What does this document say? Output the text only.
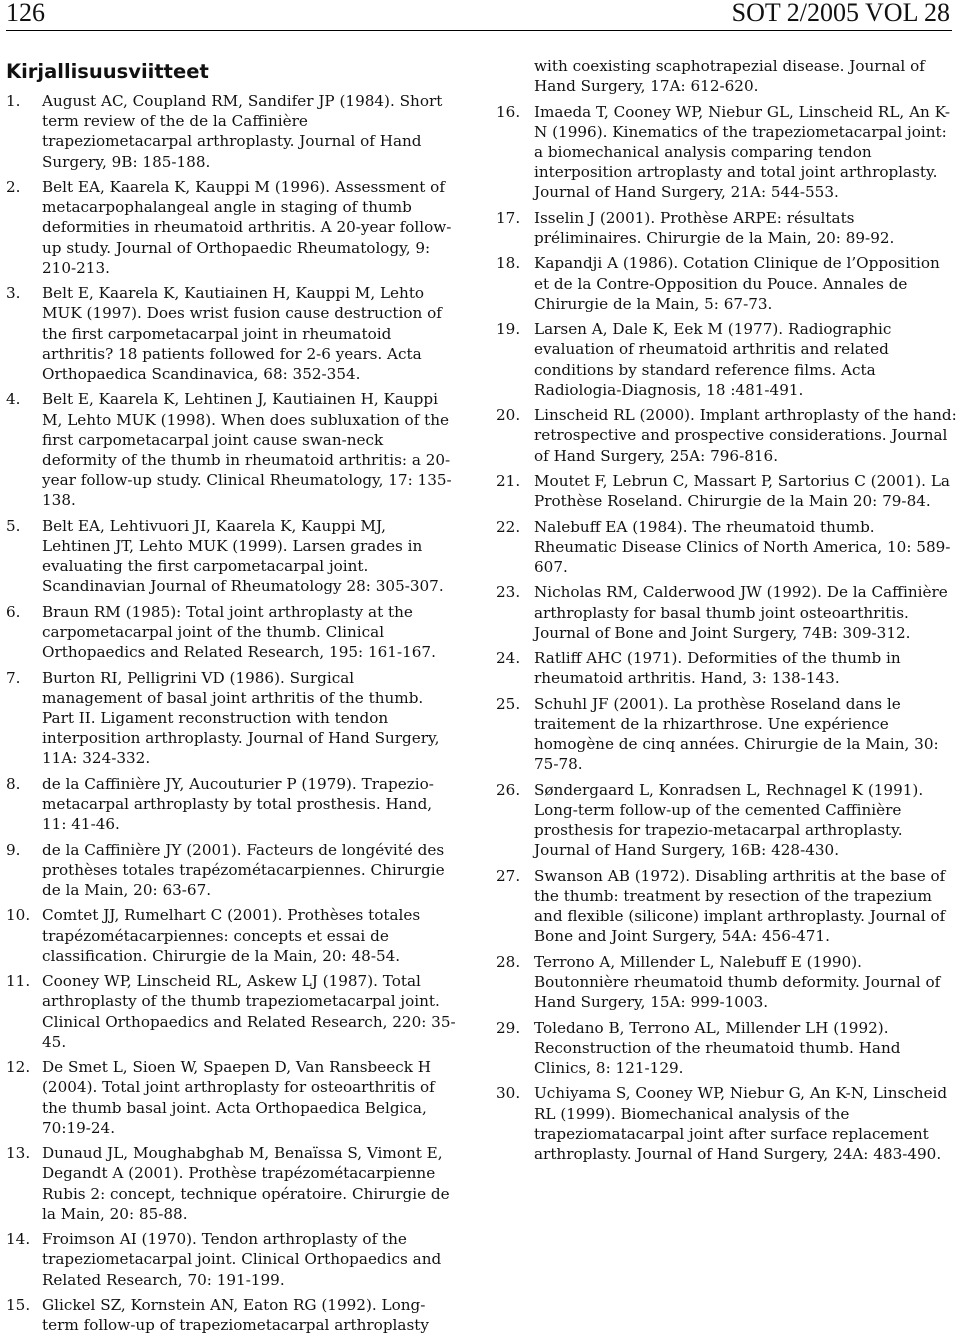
126	SOT 2/2005 VOL 28
Kirjallisuusviitteet
1. August AC, Coupland RM, Sandifer JP (1984). Short term review of the de la Caffinière trapeziometacarpal arthroplasty. Journal of Hand Surgery, 9B: 185-188.
2. Belt EA, Kaarela K, Kauppi M (1996). Assessment of metacarpophalangeal angle in staging of thumb deformities in rheumatoid arthritis. A 20-year follow-up study. Journal of Orthopaedic Rheumatology, 9: 210-213.
3. Belt E, Kaarela K, Kautiainen H, Kauppi M, Lehto MUK (1997). Does wrist fusion cause destruction of the first carpometacarpal joint in rheumatoid arthritis? 18 patients followed for 2-6 years. Acta Orthopaedica Scandinavica, 68: 352-354.
4. Belt E, Kaarela K, Lehtinen J, Kautiainen H, Kauppi M, Lehto MUK (1998). When does subluxation of the first carpometacarpal joint cause swan-neck deformity of the thumb in rheumatoid arthritis: a 20-year follow-up study. Clinical Rheumatology, 17: 135-138.
5. Belt EA, Lehtivuori JI, Kaarela K, Kauppi MJ, Lehtinen JT, Lehto MUK (1999). Larsen grades in evaluating the first carpometacarpal joint. Scandinavian Journal of Rheumatology 28: 305-307.
6. Braun RM (1985): Total joint arthroplasty at the carpometacarpal joint of the thumb. Clinical Orthopaedics and Related Research, 195: 161-167.
7. Burton RI, Pelligrini VD (1986). Surgical management of basal joint arthritis of the thumb. Part II. Ligament reconstruction with tendon interposition arthroplasty. Journal of Hand Surgery, 11A: 324-332.
8. de la Caffinière JY, Aucouturier P (1979). Trapezio-metacarpal arthroplasty by total prosthesis. Hand, 11: 41-46.
9. de la Caffinière JY (2001). Facteurs de longévité des prothèses totales trapézométacarpiennes. Chirurgie de la Main, 20: 63-67.
10. Comtet JJ, Rumelhart C (2001). Prothèses totales trapézométacarpiennes: concepts et essai de classification. Chirurgie de la Main, 20: 48-54.
11. Cooney WP, Linscheid RL, Askew LJ (1987). Total arthroplasty of the thumb trapeziometacarpal joint. Clinical Orthopaedics and Related Research, 220: 35-45.
12. De Smet L, Sioen W, Spaepen D, Van Ransbeeck H (2004). Total joint arthroplasty for osteoarthritis of the thumb basal joint. Acta Orthopaedica Belgica, 70:19-24.
13. Dunaud JL, Moughabghab M, Benaïssa S, Vimont E, Degandt A (2001). Prothèse trapézométacarpienne Rubis 2: concept, technique opératoire. Chirurgie de la Main, 20: 85-88.
14. Froimson AI (1970). Tendon arthroplasty of the trapeziometacarpal joint. Clinical Orthopaedics and Related Research, 70: 191-199.
15. Glickel SZ, Kornstein AN, Eaton RG (1992). Long-term follow-up of trapeziometacarpal arthroplasty
with coexisting scaphotrapezial disease. Journal of Hand Surgery, 17A: 612-620.
16. Imaeda T, Cooney WP, Niebur GL, Linscheid RL, An K-N (1996). Kinematics of the trapeziometacarpal joint: a biomechanical analysis comparing tendon interposition artroplasty and total joint arthroplasty. Journal of Hand Surgery, 21A: 544-553.
17. Isselin J (2001). Prothèse ARPE: résultats préliminaires. Chirurgie de la Main, 20: 89-92.
18. Kapandji A (1986). Cotation Clinique de l’Opposition et de la Contre-Opposition du Pouce. Annales de Chirurgie de la Main, 5: 67-73.
19. Larsen A, Dale K, Eek M (1977). Radiographic evaluation of rheumatoid arthritis and related conditions by standard reference films. Acta Radiologia-Diagnosis, 18 :481-491.
20. Linscheid RL (2000). Implant arthroplasty of the hand: retrospective and prospective considerations. Journal of Hand Surgery, 25A: 796-816.
21. Moutet F, Lebrun C, Massart P, Sartorius C (2001). La Prothèse Roseland. Chirurgie de la Main 20: 79-84.
22. Nalebuff EA (1984). The rheumatoid thumb. Rheumatic Disease Clinics of North America, 10: 589-607.
23. Nicholas RM, Calderwood JW (1992). De la Caffinière arthroplasty for basal thumb joint osteoarthritis. Journal of Bone and Joint Surgery, 74B: 309-312.
24. Ratliff AHC (1971). Deformities of the thumb in rheumatoid arthritis. Hand, 3: 138-143.
25. Schuhl JF (2001). La prothèse Roseland dans le traitement de la rhizarthrose. Une expérience homogène de cinq années. Chirurgie de la Main, 30: 75-78.
26. Søndergaard L, Konradsen L, Rechnagel K (1991). Long-term follow-up of the cemented Caffinière prosthesis for trapezio-metacarpal arthroplasty. Journal of Hand Surgery, 16B: 428-430.
27. Swanson AB (1972). Disabling arthritis at the base of the thumb: treatment by resection of the trapezium and flexible (silicone) implant arthroplasty. Journal of Bone and Joint Surgery, 54A: 456-471.
28. Terrono A, Millender L, Nalebuff E (1990). Boutonnière rheumatoid thumb deformity. Journal of Hand Surgery, 15A: 999-1003.
29. Toledano B, Terrono AL, Millender LH (1992). Reconstruction of the rheumatoid thumb. Hand Clinics, 8: 121-129.
30. Uchiyama S, Cooney WP, Niebur G, An K-N, Linscheid RL (1999). Biomechanical analysis of the trapeziomatacarpal joint after surface replacement arthroplasty. Journal of Hand Surgery, 24A: 483-490.
